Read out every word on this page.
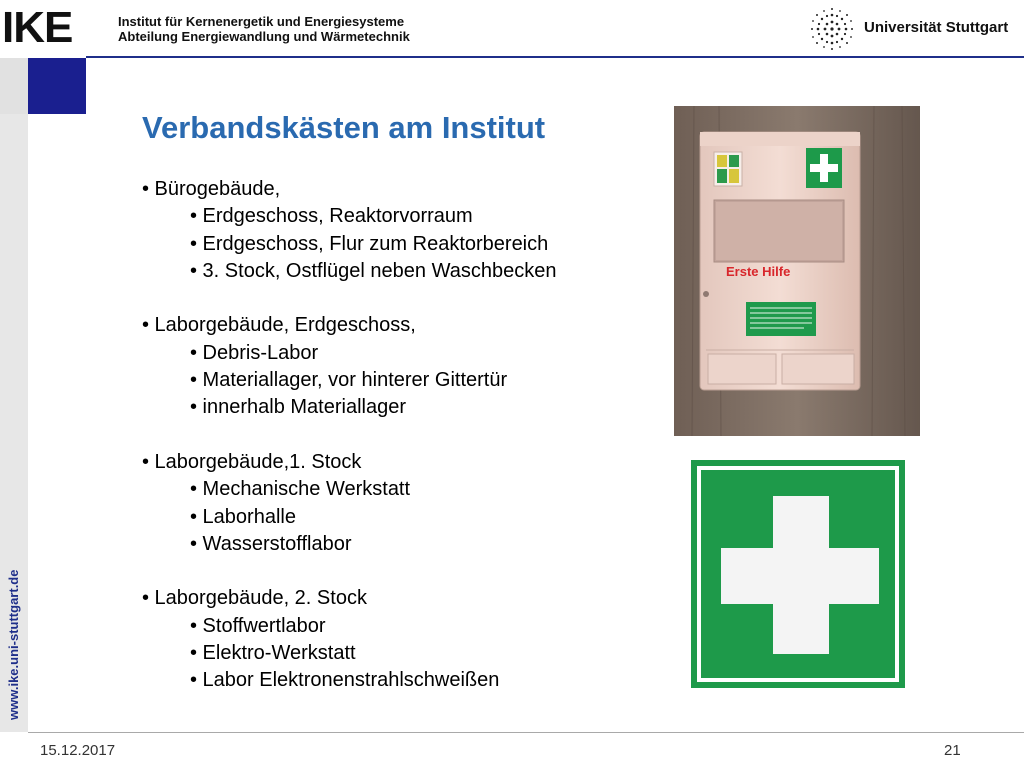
IKE	Institut für Kernenergetik und Energiesysteme
Abteilung Energiewandlung und Wärmetechnik
Universität Stuttgart
www.ike.uni-stuttgart.de
Verbandskästen am Institut
• Bürogebäude,
• Erdgeschoss, Reaktorvorraum
• Erdgeschoss, Flur zum Reaktorbereich
• 3. Stock, Ostflügel neben Waschbecken
• Laborgebäude, Erdgeschoss,
• Debris-Labor
• Materiallager, vor hinterer Gittertür
• innerhalb Materiallager
• Laborgebäude,1. Stock
• Mechanische Werkstatt
• Laborhalle
• Wasserstofflabor
• Laborgebäude, 2. Stock
• Stoffwertlabor
• Elektro-Werkstatt
• Labor Elektronenstrahlschweißen
Erste Hilfe
15.12.2017	21
